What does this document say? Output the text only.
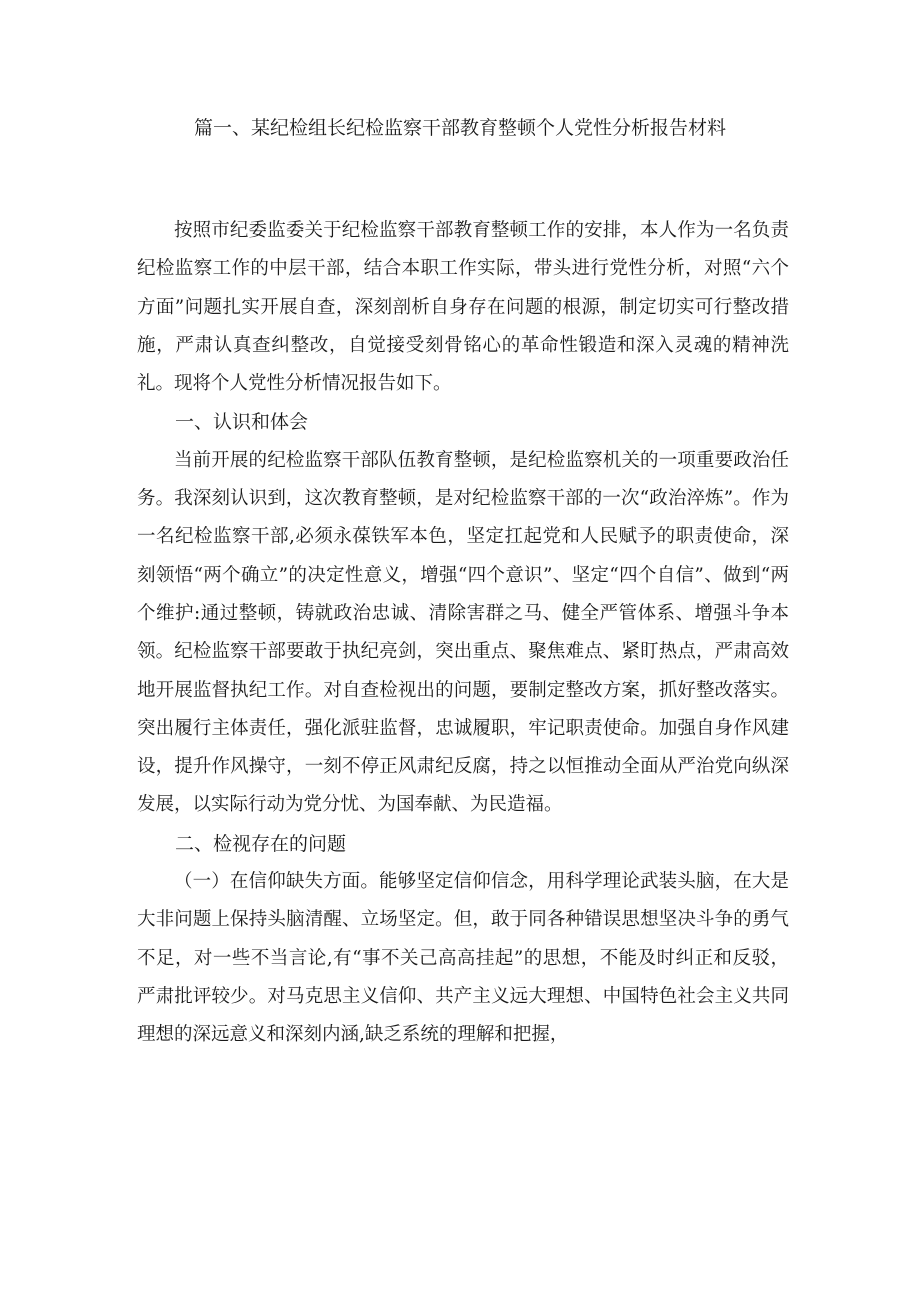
篇一、某纪检组长纪检监察干部教育整顿个人党性分析报告材料

按照市纪委监委关于纪检监察干部教育整顿工作的安排，本人作为一名负责纪检监察工作的中层干部，结合本职工作实际，带头进行党性分析，对照“六个方面”问题扎实开展自查，深刻剖析自身存在问题的根源，制定切实可行整改措施，严肃认真查纠整改，自觉接受刻骨铭心的革命性锻造和深入灵魂的精神洗礼。现将个人党性分析情况报告如下。

一、认识和体会

当前开展的纪检监察干部队伍教育整顿，是纪检监察机关的一项重要政治任务。我深刻认识到，这次教育整顿，是对纪检监察干部的一次“政治淬炼”。作为一名纪检监察干部,必须永葆铁军本色，坚定扛起党和人民赋予的职责使命，深刻领悟“两个确立”的决定性意义，增强“四个意识”、坚定“四个自信”、做到“两个维护:通过整顿，铸就政治忠诚、清除害群之马、健全严管体系、增强斗争本领。纪检监察干部要敢于执纪亮剑，突出重点、聚焦难点、紧盯热点，严肃高效地开展监督执纪工作。对自查检视出的问题，要制定整改方案，抓好整改落实。突出履行主体责任，强化派驻监督，忠诚履职，牢记职责使命。加强自身作风建设，提升作风操守，一刻不停正风肃纪反腐，持之以恒推动全面从严治党向纵深发展，以实际行动为党分忧、为国奉献、为民造福。

二、检视存在的问题

（一）在信仰缺失方面。能够坚定信仰信念，用科学理论武装头脑，在大是大非问题上保持头脑清醒、立场坚定。但，敢于同各种错误思想坚决斗争的勇气不足，对一些不当言论,有“事不关己高高挂起”的思想，不能及时纠正和反驳，严肃批评较少。对马克思主义信仰、共产主义远大理想、中国特色社会主义共同理想的深远意义和深刻内涵,缺乏系统的理解和把握，
